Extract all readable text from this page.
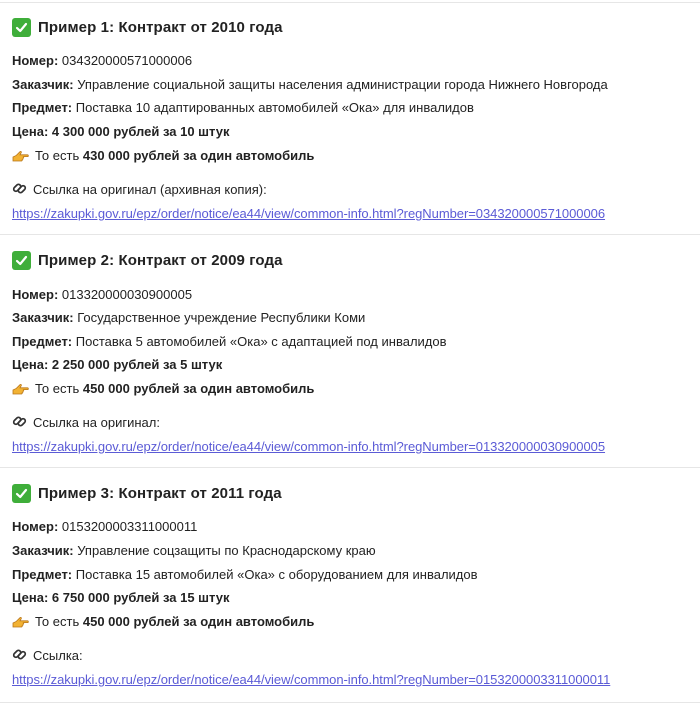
Пример 1: Контракт от 2010 года
Номер: 034320000571000006
Заказчик: Управление социальной защиты населения администрации города Нижнего Новгорода
Предмет: Поставка 10 адаптированных автомобилей «Ока» для инвалидов
Цена: 4 300 000 рублей за 10 штук
То есть 430 000 рублей за один автомобиль
Ссылка на оригинал (архивная копия):
https://zakupki.gov.ru/epz/order/notice/ea44/view/common-info.html?regNumber=034320000571000006
Пример 2: Контракт от 2009 года
Номер: 013320000030900005
Заказчик: Государственное учреждение Республики Коми
Предмет: Поставка 5 автомобилей «Ока» с адаптацией под инвалидов
Цена: 2 250 000 рублей за 5 штук
То есть 450 000 рублей за один автомобиль
Ссылка на оригинал:
https://zakupki.gov.ru/epz/order/notice/ea44/view/common-info.html?regNumber=013320000030900005
Пример 3: Контракт от 2011 года
Номер: 0153200003311000011
Заказчик: Управление соцзащиты по Краснодарскому краю
Предмет: Поставка 15 автомобилей «Ока» с оборудованием для инвалидов
Цена: 6 750 000 рублей за 15 штук
То есть 450 000 рублей за один автомобиль
Ссылка:
https://zakupki.gov.ru/epz/order/notice/ea44/view/common-info.html?regNumber=0153200003311000011
